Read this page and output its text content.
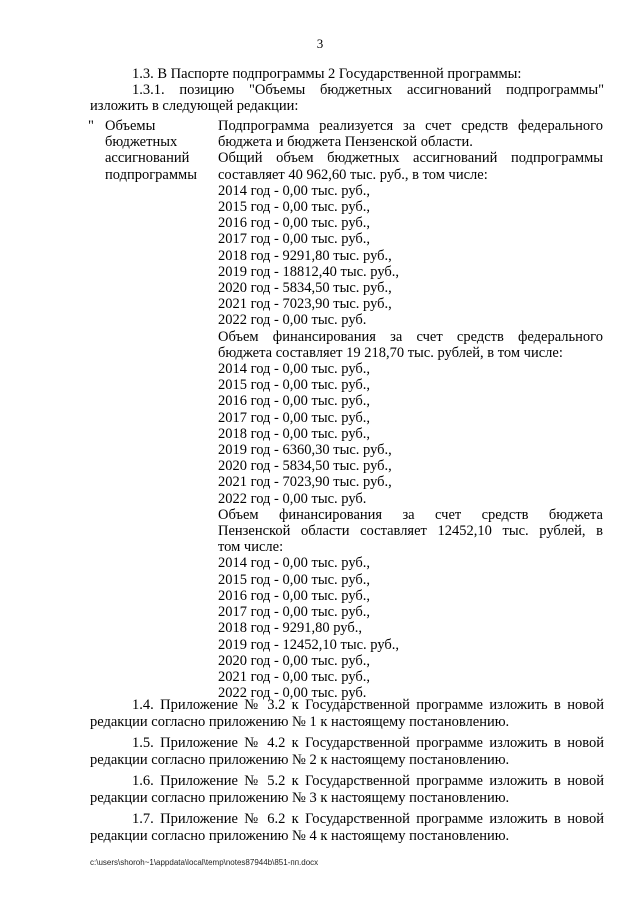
3
1.3. В Паспорте подпрограммы 2 Государственной программы:
1.3.1. позицию "Объемы бюджетных ассигнований подпрограммы"
изложить в следующей редакции:
" Объемы
бюджетных
ассигнований
подпрограммы
Подпрограмма реализуется за счет средств федерального
бюджета и бюджета Пензенской области.
Общий объем бюджетных ассигнований подпрограммы
составляет 40 962,60 тыс. руб., в том числе:
2014 год - 0,00 тыс. руб.,
2015 год - 0,00 тыс. руб.,
2016 год - 0,00 тыс. руб.,
2017 год - 0,00 тыс. руб.,
2018 год - 9291,80 тыс. руб.,
2019 год - 18812,40 тыс. руб.,
2020 год - 5834,50 тыс. руб.,
2021 год - 7023,90 тыс. руб.,
2022 год - 0,00 тыс. руб.
Объем финансирования за счет средств федерального
бюджета составляет 19 218,70 тыс. рублей, в том числе:
2014 год - 0,00 тыс. руб.,
2015 год - 0,00 тыс. руб.,
2016 год - 0,00 тыс. руб.,
2017 год - 0,00 тыс. руб.,
2018 год - 0,00 тыс. руб.,
2019 год - 6360,30 тыс. руб.,
2020 год - 5834,50 тыс. руб.,
2021 год - 7023,90 тыс. руб.,
2022 год - 0,00 тыс. руб.
Объем финансирования за счет средств бюджета
Пензенской области составляет 12452,10 тыс. рублей, в
том числе:
2014 год - 0,00 тыс. руб.,
2015 год - 0,00 тыс. руб.,
2016 год - 0,00 тыс. руб.,
2017 год - 0,00 тыс. руб.,
2018 год - 9291,80 руб.,
2019 год - 12452,10 тыс. руб.,
2020 год - 0,00 тыс. руб.,
2021 год - 0,00 тыс. руб.,
2022 год - 0,00 тыс. руб.
c:\users\shoroh~1\appdata\local\temp\notes87944b\851-пп.docx
1.4. Приложение № 3.2 к Государственной программе изложить в новой
редакции согласно приложению № 1 к настоящему постановлению.
1.5. Приложение № 4.2 к Государственной программе изложить в новой
редакции согласно приложению № 2 к настоящему постановлению.
1.6. Приложение № 5.2 к Государственной программе изложить в новой
редакции согласно приложению № 3 к настоящему постановлению.
1.7. Приложение № 6.2 к Государственной программе изложить в новой
редакции согласно приложению № 4 к настоящему постановлению.
